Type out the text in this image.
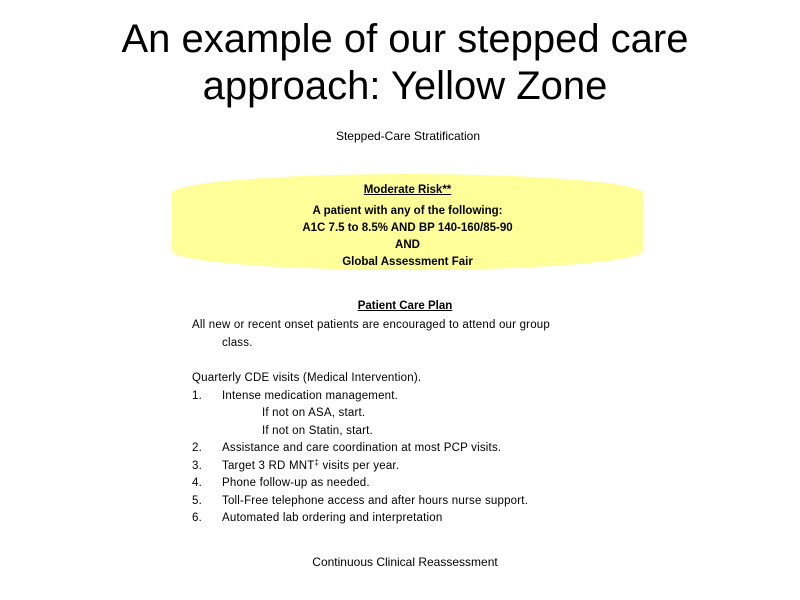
An example of our stepped care
approach: Yellow Zone
Stepped-Care Stratification
Moderate Risk**
A patient with any of the following:
A1C 7.5 to 8.5% AND BP 140-160/85-90
AND
Global Assessment Fair
Patient Care Plan

All new or recent onset patients are encouraged to attend our group

class.

Quarterly CDE visits (Medical Intervention).

1.	Intense medication management.

If not on ASA, start.

If not on Statin, start.

2.	Assistance and care coordination at most PCP visits.
3.	Target 3 RD MNT‡ visits per year.
4.	Phone follow-up as needed.
5.	Toll-Free telephone access and after hours nurse support.
6.	Automated lab ordering and interpretation
Continuous Clinical Reassessment
